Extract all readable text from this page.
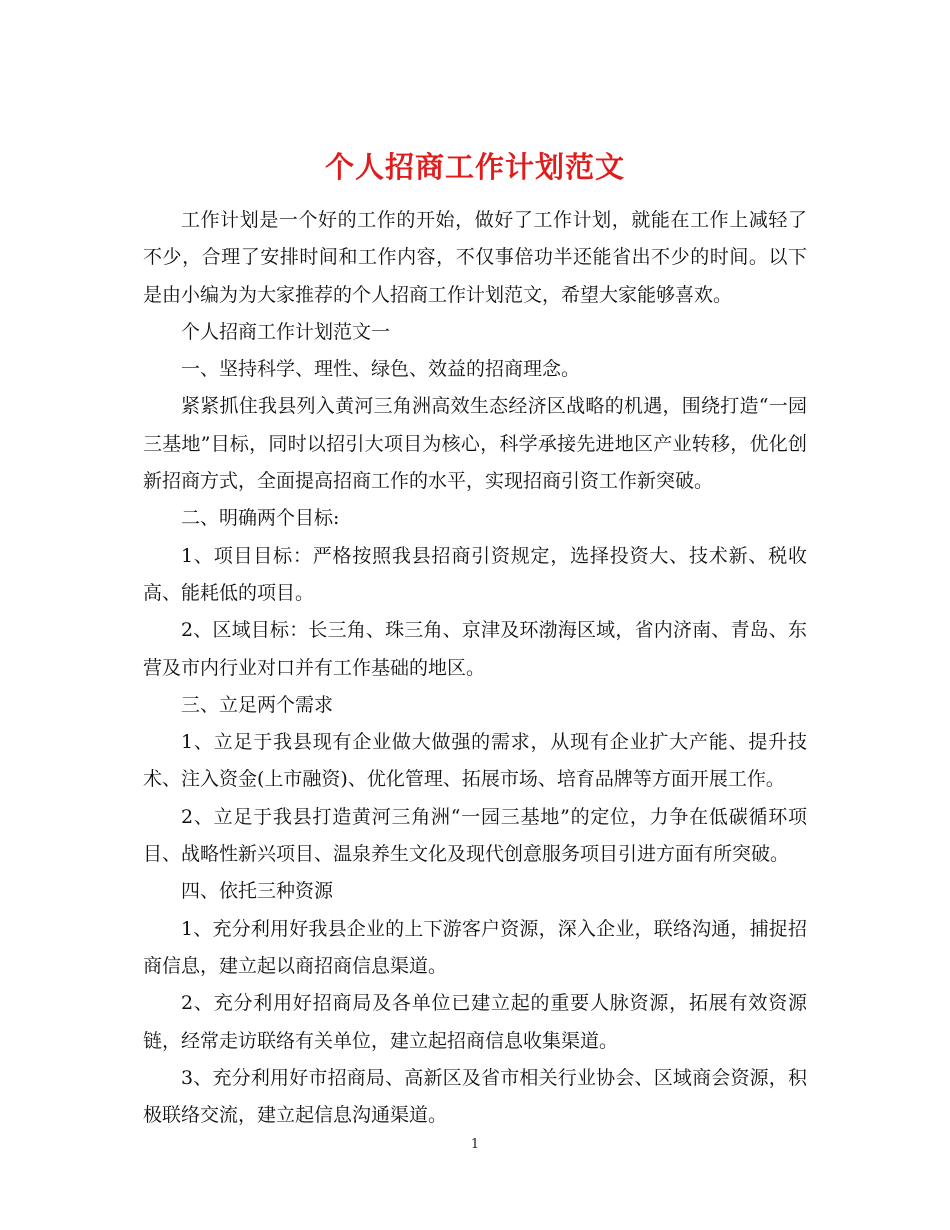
个人招商工作计划范文

工作计划是一个好的工作的开始，做好了工作计划，就能在工作上减轻了不少，合理了安排时间和工作内容，不仅事倍功半还能省出不少的时间。以下是由小编为为大家推荐的个人招商工作计划范文，希望大家能够喜欢。

个人招商工作计划范文一

一、坚持科学、理性、绿色、效益的招商理念。

紧紧抓住我县列入黄河三角洲高效生态经济区战略的机遇，围绕打造“一园三基地”目标，同时以招引大项目为核心，科学承接先进地区产业转移，优化创新招商方式，全面提高招商工作的水平，实现招商引资工作新突破。

二、明确两个目标:

1、项目目标：严格按照我县招商引资规定，选择投资大、技术新、税收高、能耗低的项目。

2、区域目标：长三角、珠三角、京津及环渤海区域，省内济南、青岛、东营及市内行业对口并有工作基础的地区。

三、立足两个需求

1、立足于我县现有企业做大做强的需求，从现有企业扩大产能、提升技术、注入资金(上市融资)、优化管理、拓展市场、培育品牌等方面开展工作。

2、立足于我县打造黄河三角洲“一园三基地”的定位，力争在低碳循环项目、战略性新兴项目、温泉养生文化及现代创意服务项目引进方面有所突破。

四、依托三种资源

1、充分利用好我县企业的上下游客户资源，深入企业，联络沟通，捕捉招商信息，建立起以商招商信息渠道。

2、充分利用好招商局及各单位已建立起的重要人脉资源，拓展有效资源链，经常走访联络有关单位，建立起招商信息收集渠道。

3、充分利用好市招商局、高新区及省市相关行业协会、区域商会资源，积极联络交流，建立起信息沟通渠道。

1
